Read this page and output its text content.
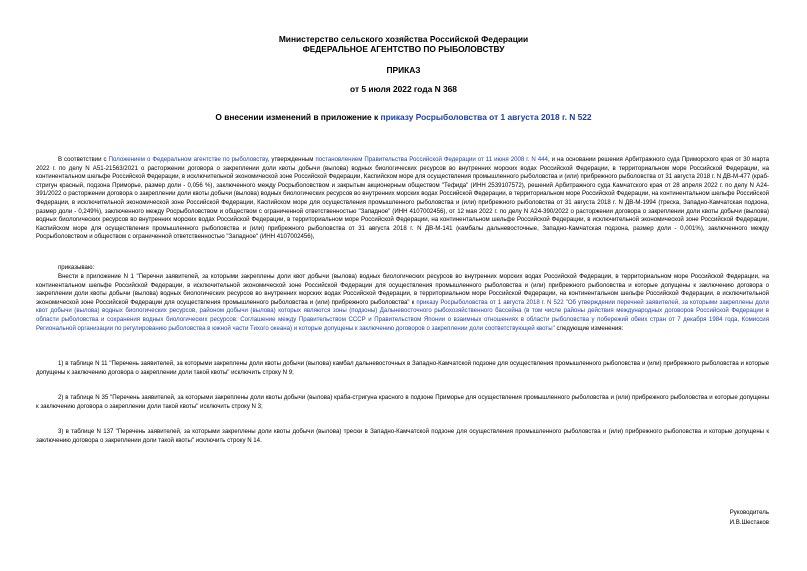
Министерство сельского хозяйства Российской Федерации
ФЕДЕРАЛЬНОЕ АГЕНТСТВО ПО РЫБОЛОВСТВУ
ПРИКАЗ
от 5 июля 2022 года N 368
О внесении изменений в приложение к приказу Росрыболовства от 1 августа 2018 г. N 522
В соответствии с Положением о Федеральном агентстве по рыболовству, утвержденным постановлением Правительства Российской Федерации от 11 июня 2008 г. N 444, и на основании решения Арбитражного суда Приморского края от 30 марта 2022 г. по делу N А51-21563/2021 о расторжении договора о закреплении доли квоты добычи (вылова) водных биологических ресурсов во внутренних морских водах Российской Федерации, в территориальном море Российской Федерации, на континентальном шельфе Российской Федерации, в исключительной экономической зоне Российской Федерации, Каспийском море для осуществления промышленного рыболовства и (или) прибрежного рыболовства от 31 августа 2018 г. N ДВ-М-477 (краб-стригун красный, подзона Приморье, размер доли - 0,056 %), заключенного между Росрыболовством и закрытым акционерным обществом "Тефида" (ИНН 2539107572), решений Арбитражного суда Камчатского края от 28 апреля 2022 г. по делу N А24-391/2022 о расторжении договора о закреплении доли квоты добычи (вылова) водных биологических ресурсов во внутренних морских водах Российской Федерации, в территориальном море Российской Федерации, на континентальном шельфе Российской Федерации, в исключительной экономической зоне Российской Федерации, Каспийском море для осуществления промышленного рыболовства и (или) прибрежного рыболовства от 31 августа 2018 г. N ДВ-М-1994 (треска, Западно-Камчатская подзона, размер доли - 0,249%), заключенного между Росрыболовством и обществом с ограниченной ответственностью "Западное" (ИНН 4107002456), от 12 мая 2022 г. по делу N А24-390/2022 о расторжении договора о закреплении доли квоты добычи (вылова) водных биологических ресурсов во внутренних морских водах Российской Федерации, в территориальном море Российской Федерации, на континентальном шельфе Российской Федерации, в исключительной экономической зоне Российской Федерации, Каспийском море для осуществления промышленного рыболовства и (или) прибрежного рыболовства от 31 августа 2018 г. N ДВ-М-141 (камбалы дальневосточные, Западно-Камчатская подзона, размер доли - 0,001%), заключенного между Росрыболовством и обществом с ограниченной ответственностью "Западное" (ИНН 4107002456),
приказываю:
Внести в приложение N 1 "Перечни заявителей, за которыми закреплены доли квот добычи (вылова) водных биологических ресурсов во внутренних морских водах Российской Федерации, в территориальном море Российской Федерации, на континентальном шельфе Российской Федерации, в исключительной экономической зоне Российской Федерации для осуществления промышленного рыболовства и (или) прибрежного рыболовства и которые допущены к заключению договора о закреплении доли квоты добычи (вылова) водных биологических ресурсов во внутренних морских водах Российской Федерации, в территориальном море Российской Федерации, на континентальном шельфе Российской Федерации, в исключительной экономической зоне Российской Федерации для осуществления промышленного рыболовства и (или) прибрежного рыболовства" к приказу Росрыболовства от 1 августа 2018 г. N 522 "Об утверждении перечней заявителей, за которыми закреплены доли квот добычи (вылова) водных биологических ресурсов, районом добычи (вылова) которых являются зоны (подзоны) Дальневосточного рыбохозяйственного бассейна (в том числе районы действия международных договоров Российской Федерации в области рыболовства и сохранения водных биологических ресурсов: Соглашение между Правительством СССР и Правительством Японии о взаимных отношениях в области рыболовства у побережий обеих стран от 7 декабря 1984 года, Комиссия Региональной организации по регулированию рыболовства в южной части Тихого океана) и которые допущены к заключению договоров о закреплении доли соответствующей квоты" следующие изменения:
1) в таблице N 11 "Перечень заявителей, за которыми закреплены доли квоты добычи (вылова) камбал дальневосточных в Западно-Камчатской подзоне для осуществления промышленного рыболовства и (или) прибрежного рыболовства и которые допущены к заключению договора о закреплении доли такой квоты" исключить строку N 9;
2) в таблице N 35 "Перечень заявителей, за которыми закреплены доли квоты добычи (вылова) краба-стригуна красного в подзоне Приморье для осуществления промышленного рыболовства и (или) прибрежного рыболовства и которые допущены к заключению договора о закреплении доли такой квоты" исключить строку N 3;
3) в таблице N 137 "Перечень заявителей, за которыми закреплены доли квоты добычи (вылова) трески в Западно-Камчатской подзоне для осуществления промышленного рыболовства и (или) прибрежного рыболовства и которые допущены к заключению договора о закреплении доли такой квоты" исключить строку N 14.
Руководитель
И.В.Шестаков
